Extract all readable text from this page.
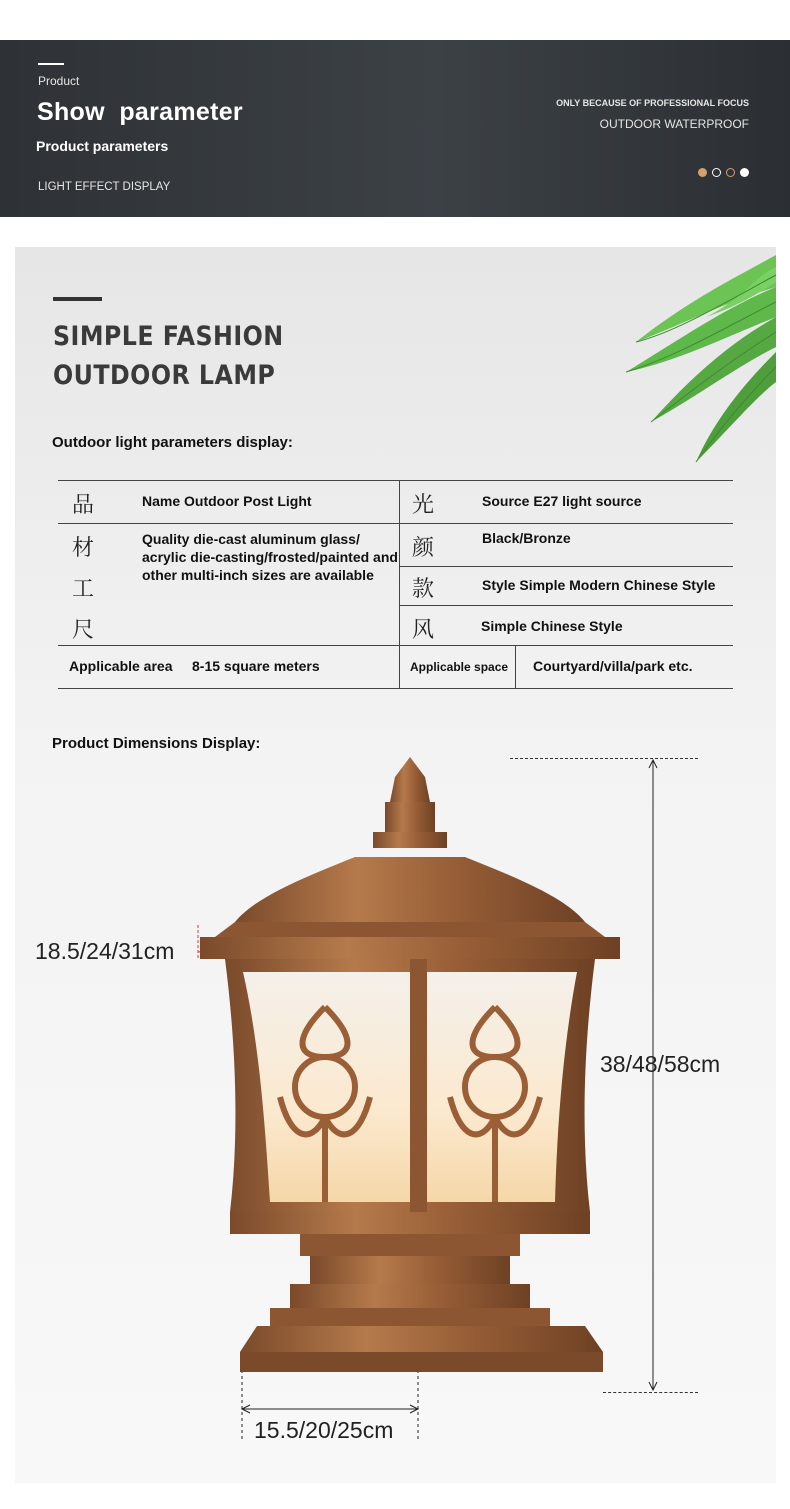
Product
Show  parameter
Product parameters
LIGHT EFFECT DISPLAY
ONLY BECAUSE OF PROFESSIONAL FOCUS
OUTDOOR WATERPROOF
SIMPLE FASHION
OUTDOOR LAMP
Outdoor light parameters display:
品
材
工
尺
Name Outdoor Post Light
Quality die-cast aluminum glass/ acrylic die-casting/frosted/painted and other multi-inch sizes are available
光
颜
款
风
Source E27 light source
Black/Bronze
Style Simple Modern Chinese Style
Simple Chinese Style
Applicable area 8-15 square meters	Applicable space Courtyard/villa/park etc.
Product Dimensions Display:
38/48/58cm
18.5/24/31cm
15.5/20/25cm
